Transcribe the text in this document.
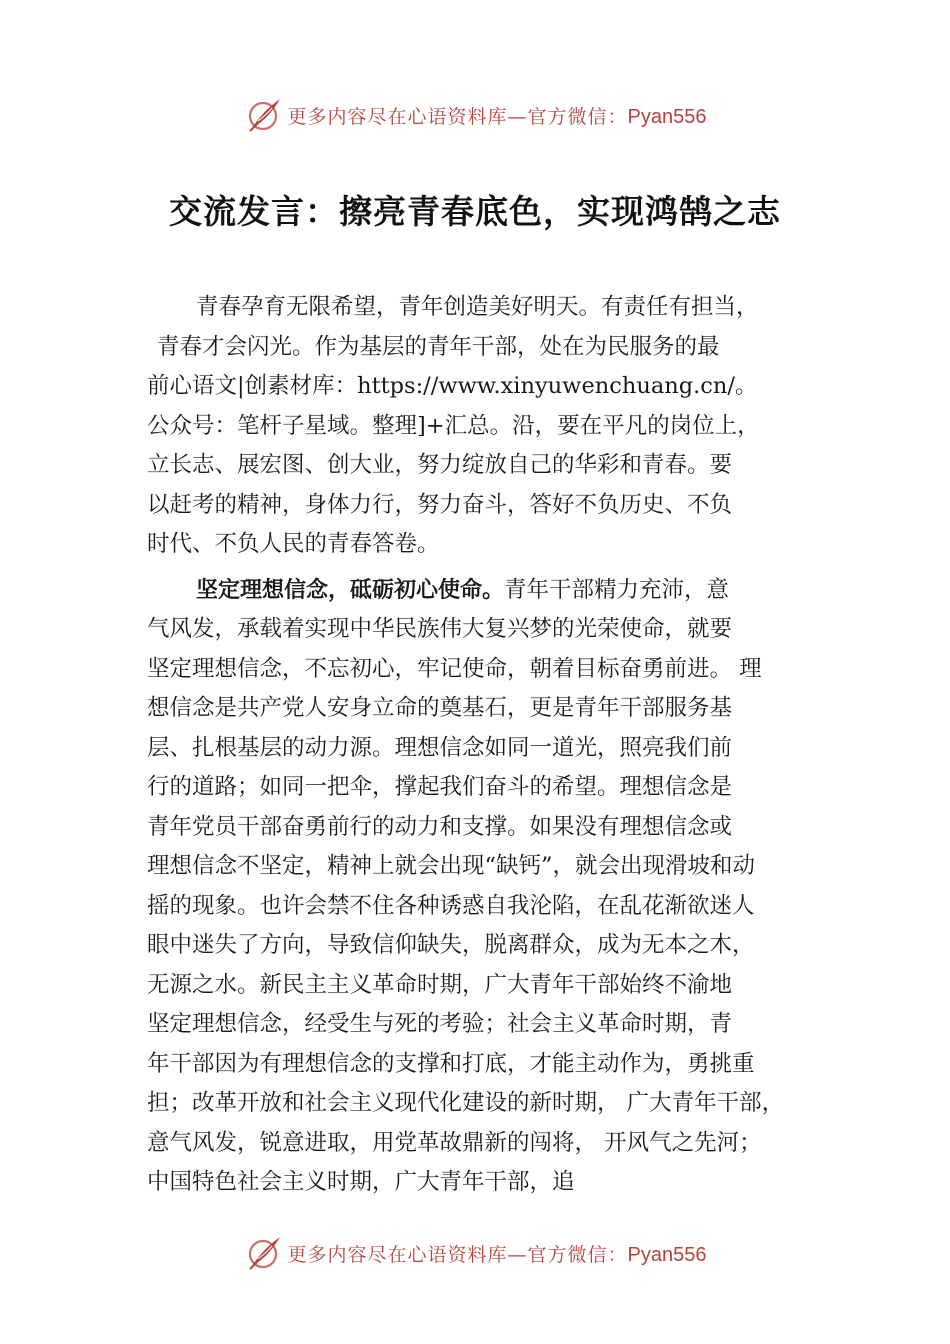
更多内容尽在心语资料库—官方微信：Pyan556
交流发言：擦亮青春底色，实现鸿鹄之志
青春孕育无限希望，青年创造美好明天。有责任有担当，
青春才会闪光。作为基层的青年干部，处在为民服务的最
前心语文|创素材库：https://www.xinyuwenchuang.cn/。
公众号：笔杆子星域。整理]+汇总。沿，要在平凡的岗位上，
立长志、展宏图、创大业，努力绽放自己的华彩和青春。要
以赶考的精神，身体力行，努力奋斗，答好不负历史、不负
时代、不负人民的青春答卷。
坚定理想信念，砥砺初心使命。青年干部精力充沛，意
气风发，承载着实现中华民族伟大复兴梦的光荣使命，就要
坚定理想信念，不忘初心，牢记使命，朝着目标奋勇前进。 理
想信念是共产党人安身立命的奠基石，更是青年干部服务基
层、扎根基层的动力源。理想信念如同一道光，照亮我们前
行的道路；如同一把伞，撑起我们奋斗的希望。理想信念是
青年党员干部奋勇前行的动力和支撑。如果没有理想信念或
理想信念不坚定，精神上就会出现“缺钙”，就会出现滑坡和动
摇的现象。也许会禁不住各种诱惑自我沦陷，在乱花渐欲迷人
眼中迷失了方向，导致信仰缺失，脱离群众，成为无本之木，
无源之水。新民主主义革命时期，广大青年干部始终不渝地
坚定理想信念，经受生与死的考验；社会主义革命时期，青
年干部因为有理想信念的支撑和打底，才能主动作为，勇挑重
担；改革开放和社会主义现代化建设的新时期， 广大青年干部，
意气风发，锐意进取，用党革故鼎新的闯将， 开风气之先河；
中国特色社会主义时期，广大青年干部，追
更多内容尽在心语资料库—官方微信：Pyan556
